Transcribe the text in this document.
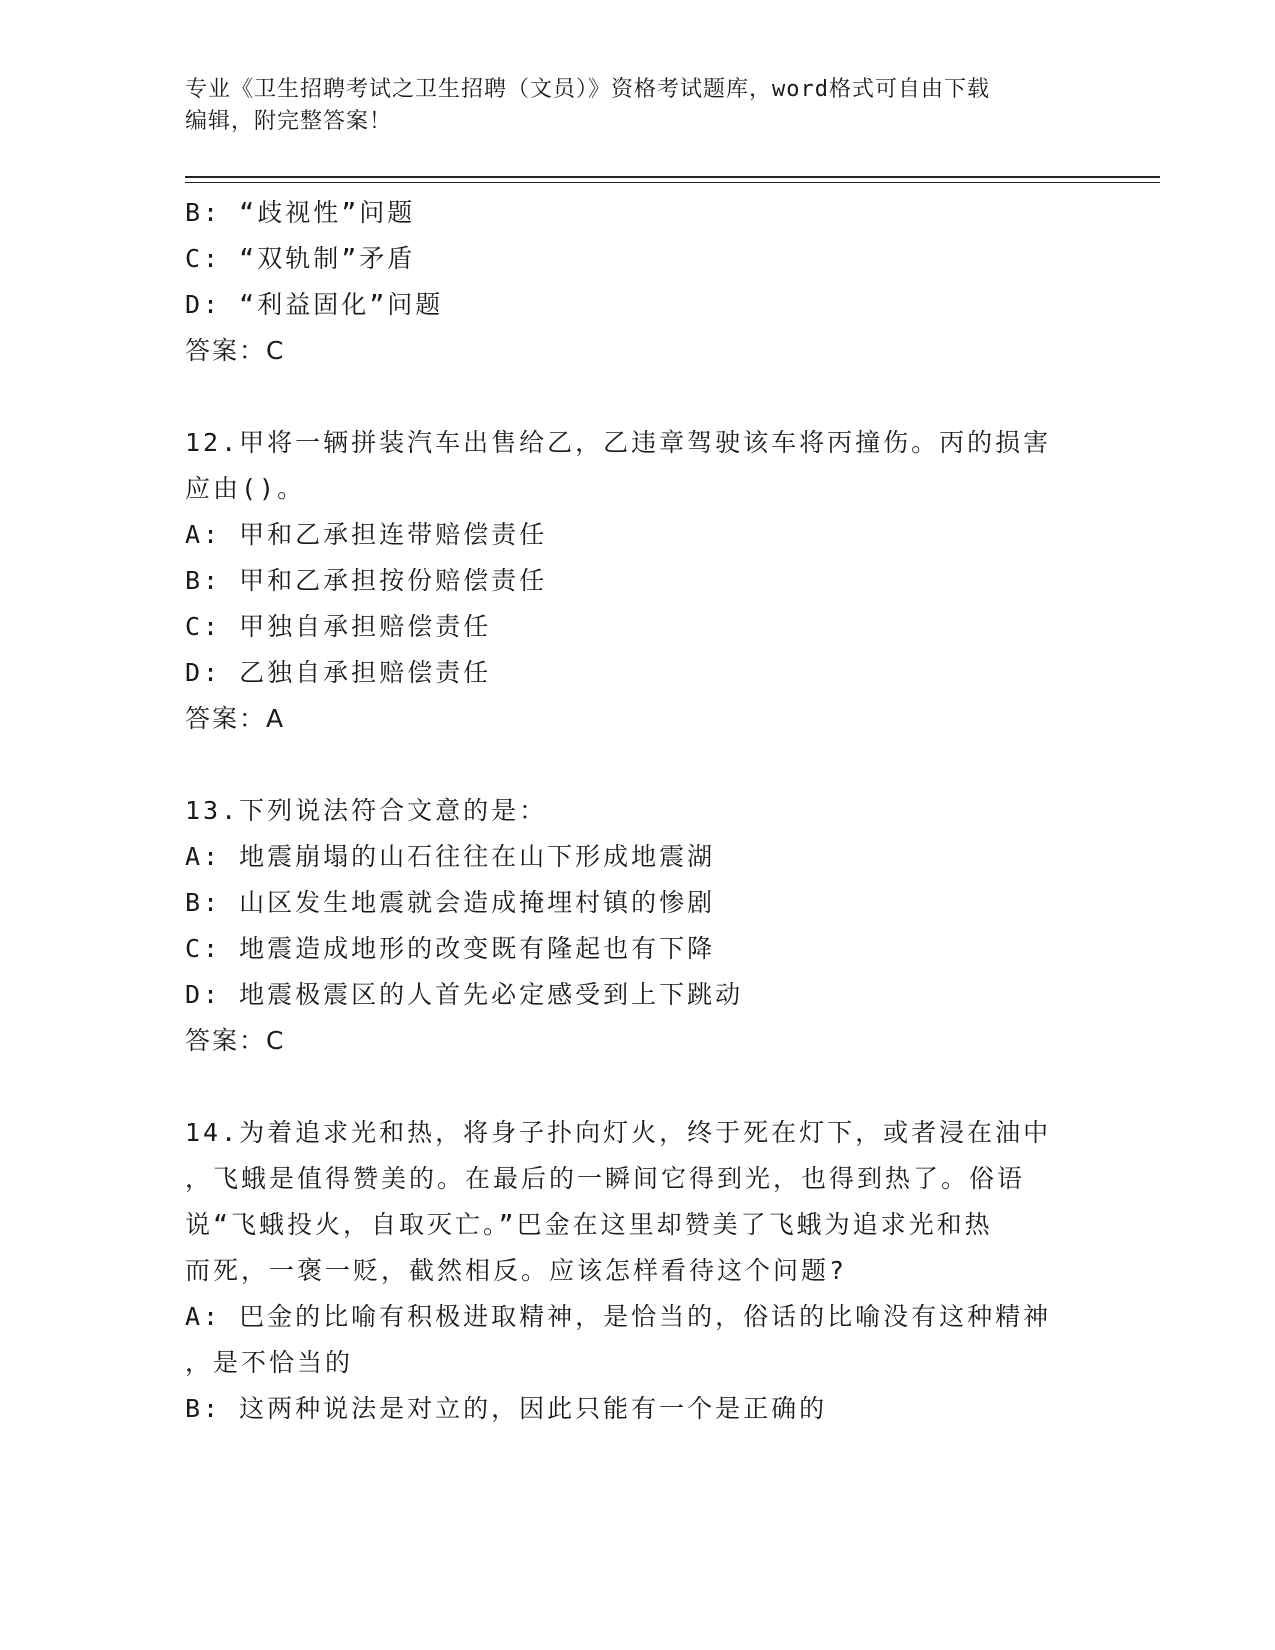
专业《卫生招聘考试之卫生招聘（文员）》资格考试题库，word格式可自由下载
编辑，附完整答案！
B: “歧视性”问题
C: “双轨制”矛盾
D: “利益固化”问题
答案：C
12.甲将一辆拼装汽车出售给乙，乙违章驾驶该车将丙撞伤。丙的损害
应由()。
A: 甲和乙承担连带赔偿责任
B: 甲和乙承担按份赔偿责任
C: 甲独自承担赔偿责任
D: 乙独自承担赔偿责任
答案：A
13.下列说法符合文意的是：
A: 地震崩塌的山石往往在山下形成地震湖
B: 山区发生地震就会造成掩埋村镇的惨剧
C: 地震造成地形的改变既有隆起也有下降
D: 地震极震区的人首先必定感受到上下跳动
答案：C
14.为着追求光和热，将身子扑向灯火，终于死在灯下，或者浸在油中
，飞蛾是值得赞美的。在最后的一瞬间它得到光，也得到热了。俗语
说“飞蛾投火，自取灭亡。”巴金在这里却赞美了飞蛾为追求光和热
而死，一褒一贬，截然相反。应该怎样看待这个问题?
A: 巴金的比喻有积极进取精神，是恰当的，俗话的比喻没有这种精神
，是不恰当的
B: 这两种说法是对立的，因此只能有一个是正确的
